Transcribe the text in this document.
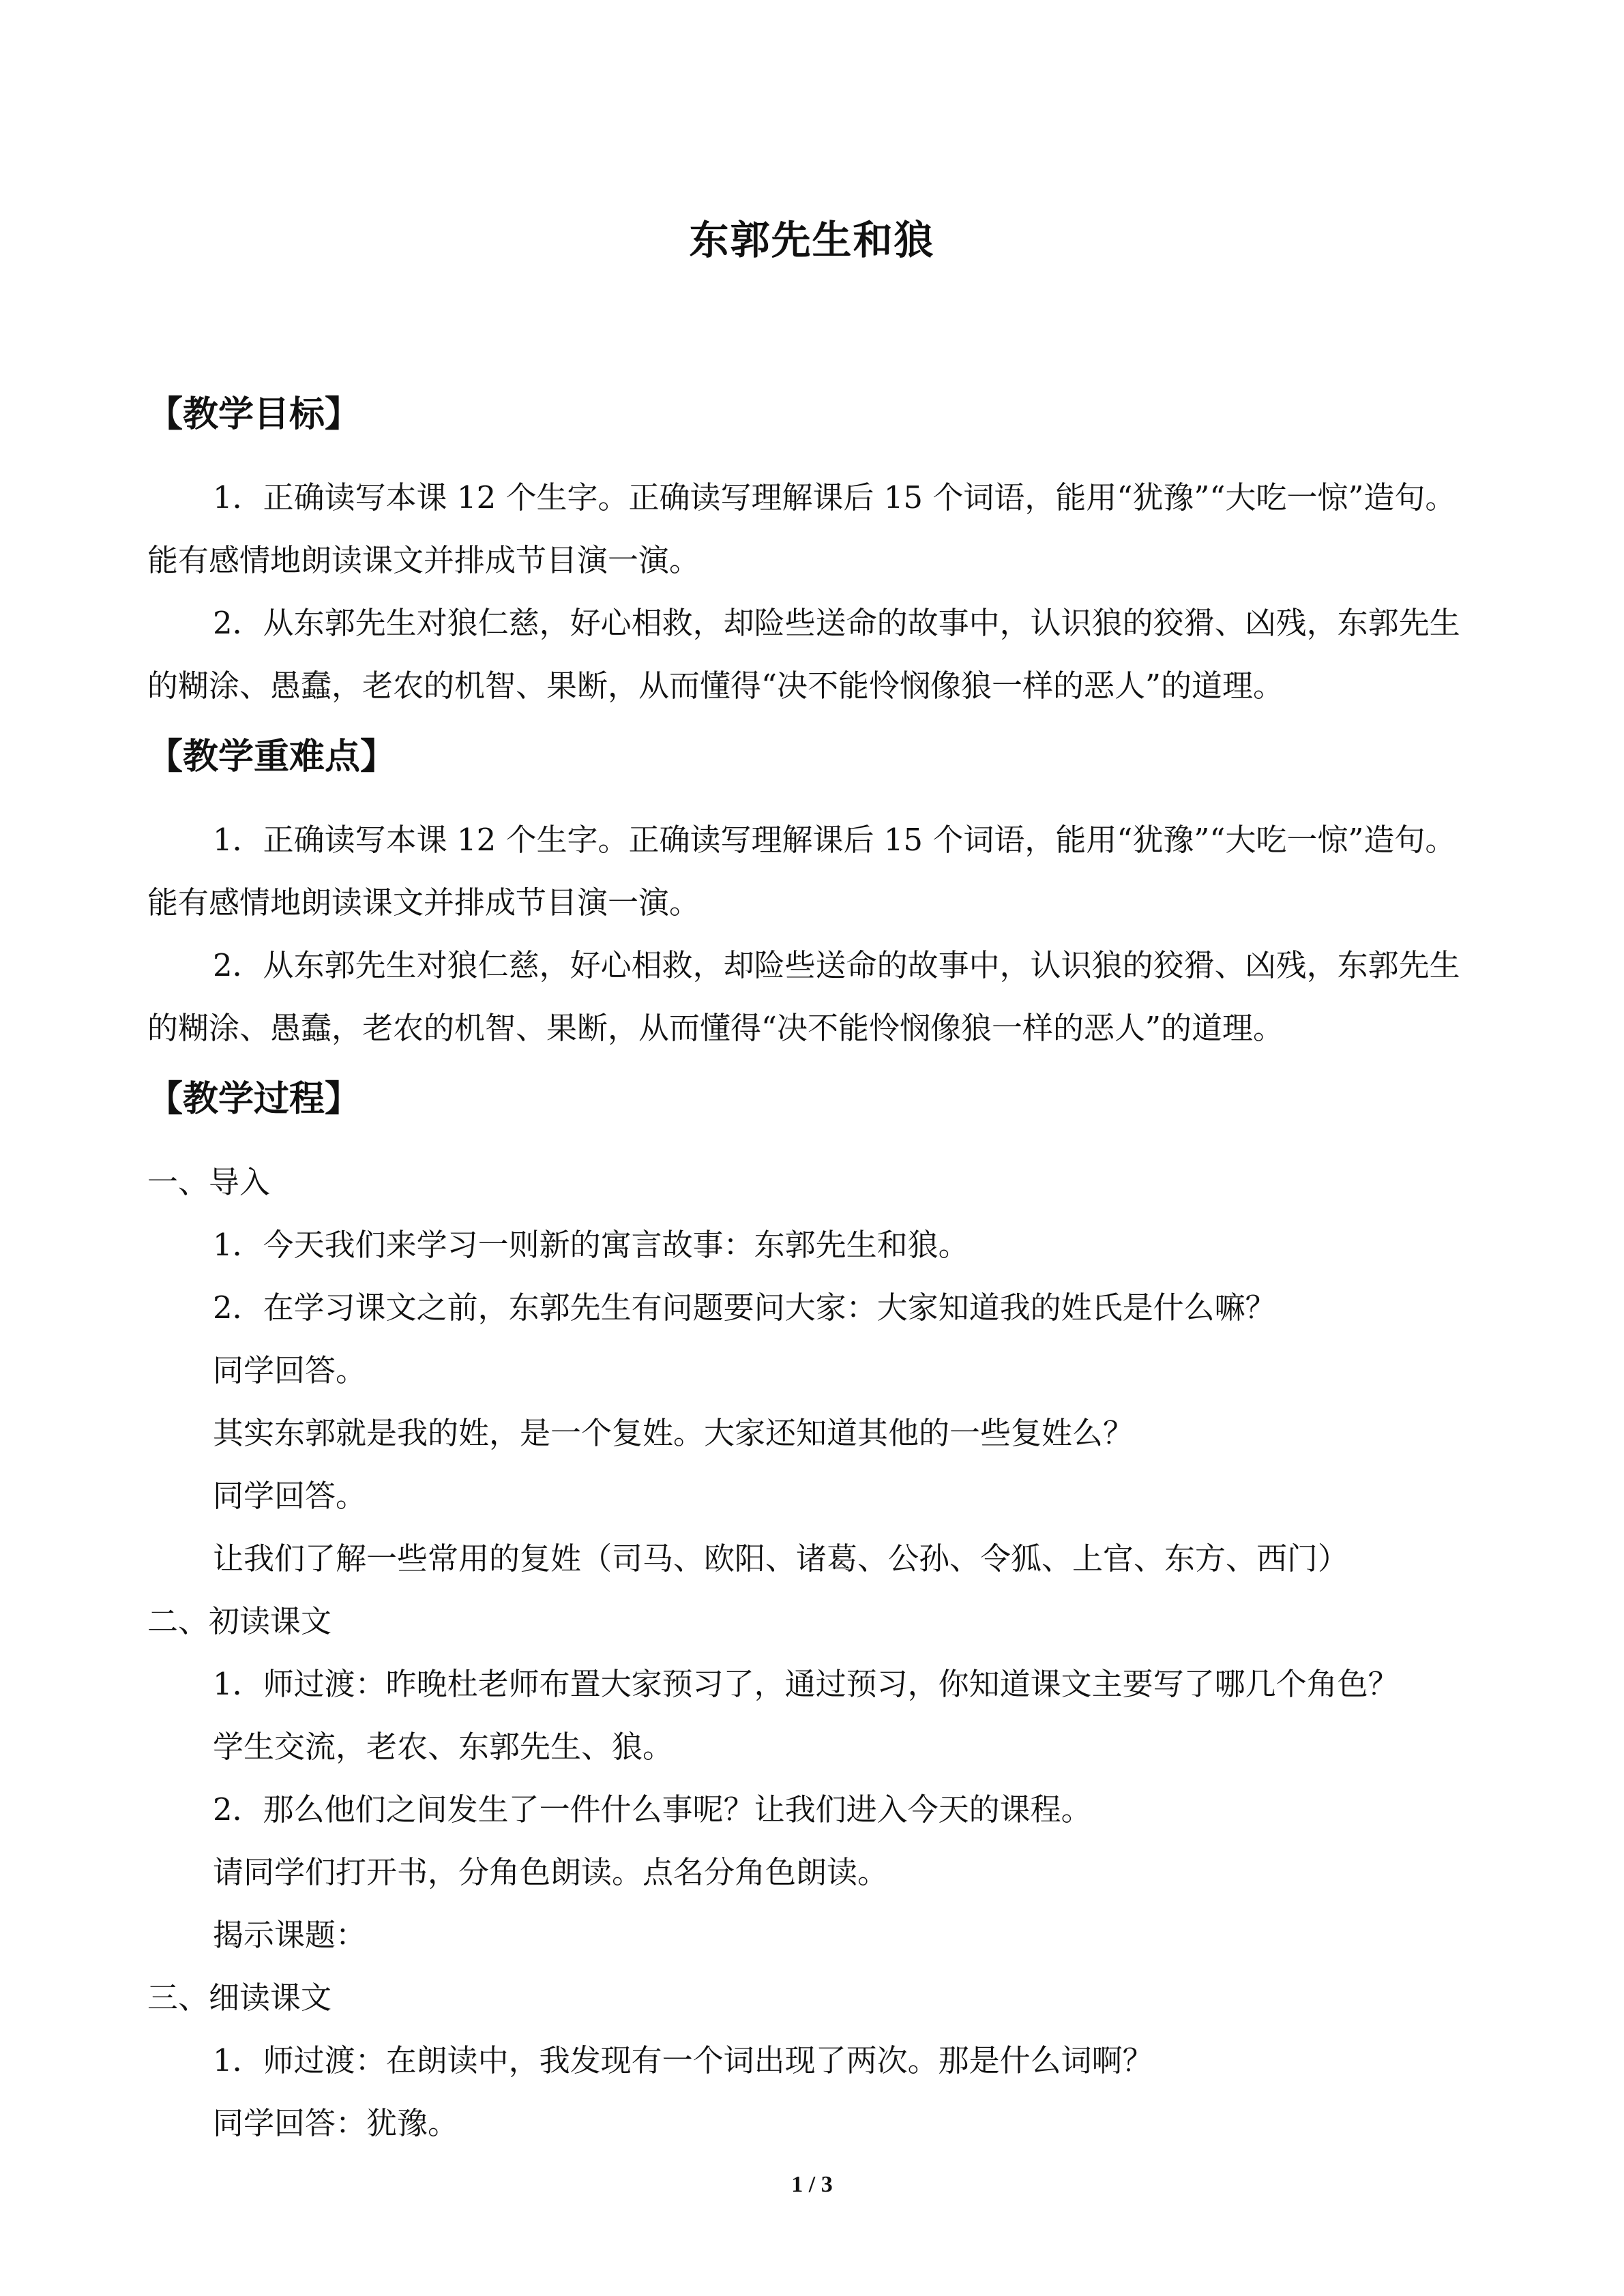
东郭先生和狼
【教学目标】

1．正确读写本课 12 个生字。正确读写理解课后 15 个词语，能用“犹豫”“大吃一惊”造句。能有感情地朗读课文并排成节目演一演。

2．从东郭先生对狼仁慈，好心相救，却险些送命的故事中，认识狼的狡猾、凶残，东郭先生的糊涂、愚蠢，老农的机智、果断，从而懂得“决不能怜悯像狼一样的恶人”的道理。

【教学重难点】

1．正确读写本课 12 个生字。正确读写理解课后 15 个词语，能用“犹豫”“大吃一惊”造句。能有感情地朗读课文并排成节目演一演。

2．从东郭先生对狼仁慈，好心相救，却险些送命的故事中，认识狼的狡猾、凶残，东郭先生的糊涂、愚蠢，老农的机智、果断，从而懂得“决不能怜悯像狼一样的恶人”的道理。

【教学过程】

一、导入

1．今天我们来学习一则新的寓言故事：东郭先生和狼。

2．在学习课文之前，东郭先生有问题要问大家：大家知道我的姓氏是什么嘛？

同学回答。

其实东郭就是我的姓，是一个复姓。大家还知道其他的一些复姓么？

同学回答。

让我们了解一些常用的复姓（司马、欧阳、诸葛、公孙、令狐、上官、东方、西门）

二、初读课文

1．师过渡：昨晚杜老师布置大家预习了，通过预习，你知道课文主要写了哪几个角色？

学生交流，老农、东郭先生、狼。

2．那么他们之间发生了一件什么事呢？让我们进入今天的课程。

请同学们打开书，分角色朗读。点名分角色朗读。

揭示课题：

三、细读课文

1．师过渡：在朗读中，我发现有一个词出现了两次。那是什么词啊？

同学回答：犹豫。

1 / 3
